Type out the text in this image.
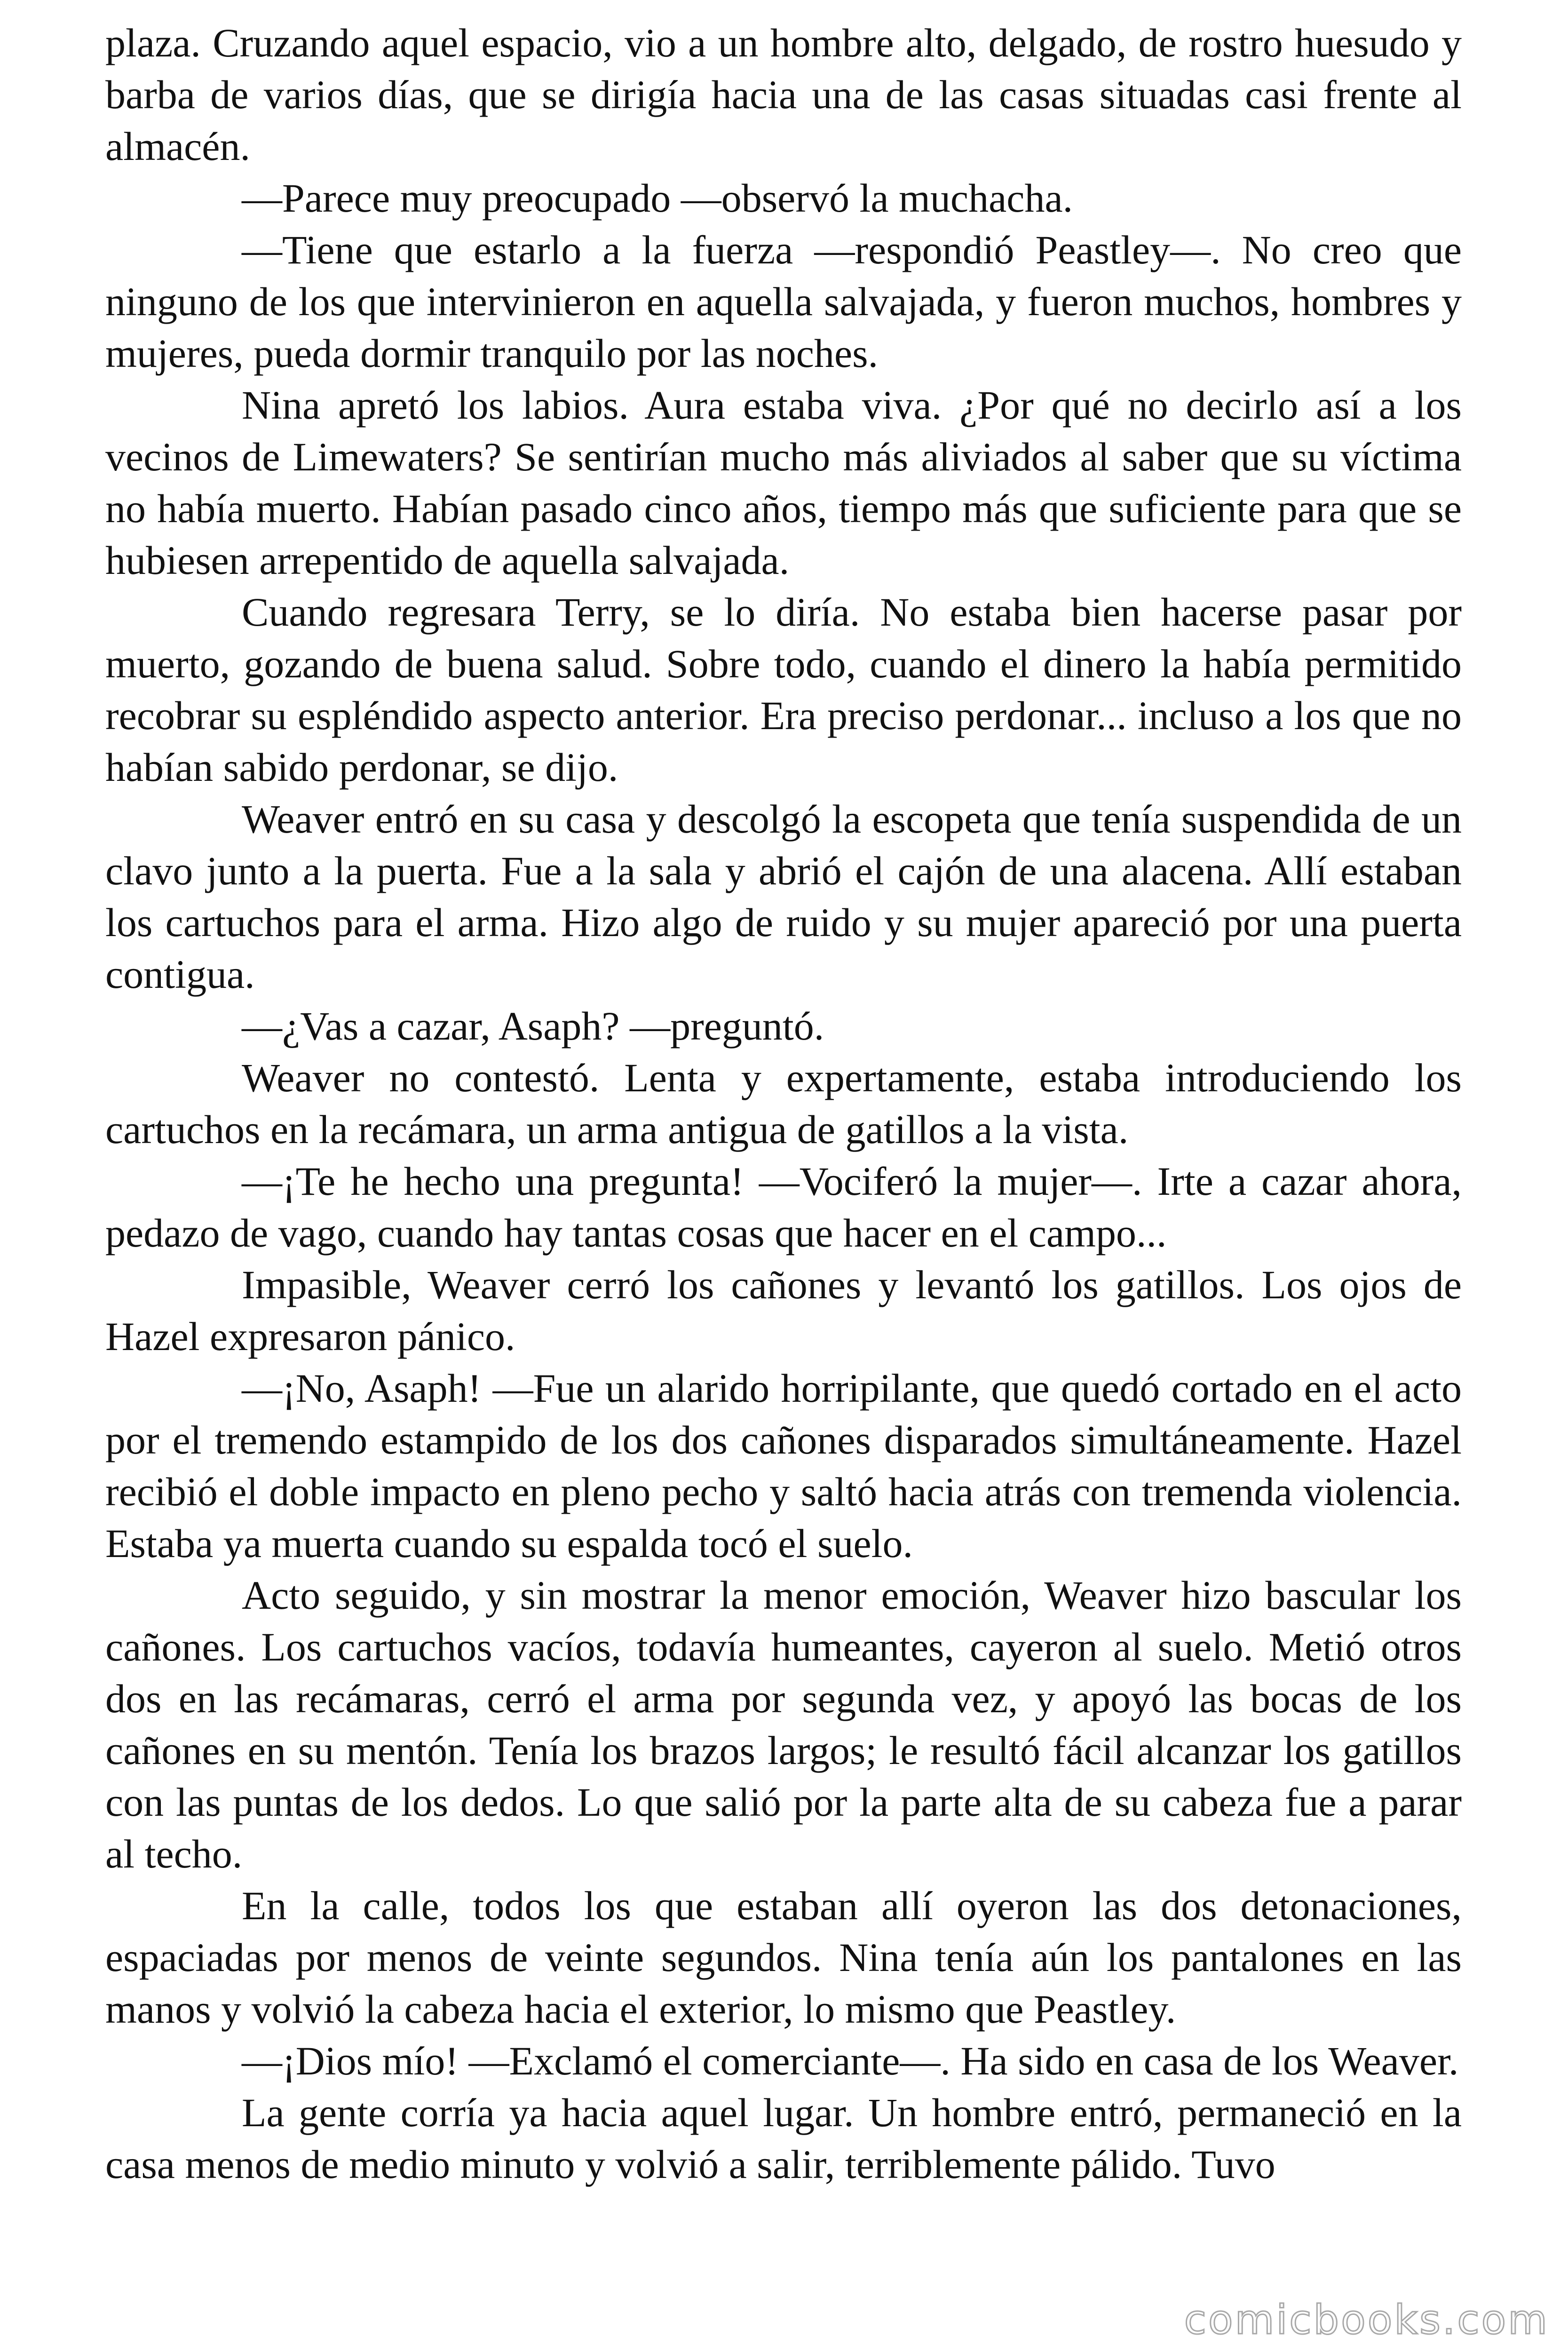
plaza. Cruzando aquel espacio, vio a un hombre alto, delgado, de rostro huesudo y barba de varios días, que se dirigía hacia una de las casas situadas casi frente al almacén.

—Parece muy preocupado —observó la muchacha.

—Tiene que estarlo a la fuerza —respondió Peastley—. No creo que ninguno de los que intervinieron en aquella salvajada, y fueron muchos, hombres y mujeres, pueda dormir tranquilo por las noches.

Nina apretó los labios. Aura estaba viva. ¿Por qué no decirlo así a los vecinos de Limewaters? Se sentirían mucho más aliviados al saber que su víctima no había muerto. Habían pasado cinco años, tiempo más que suficiente para que se hubiesen arrepentido de aquella salvajada.

Cuando regresara Terry, se lo diría. No estaba bien hacerse pasar por muerto, gozando de buena salud. Sobre todo, cuando el dinero la había permitido recobrar su espléndido aspecto anterior. Era preciso perdonar... incluso a los que no habían sabido perdonar, se dijo.

Weaver entró en su casa y descolgó la escopeta que tenía suspendida de un clavo junto a la puerta. Fue a la sala y abrió el cajón de una alacena. Allí estaban los cartuchos para el arma. Hizo algo de ruido y su mujer apareció por una puerta contigua.

—¿Vas a cazar, Asaph? —preguntó.

Weaver no contestó. Lenta y expertamente, estaba introduciendo los cartuchos en la recámara, un arma antigua de gatillos a la vista.

—¡Te he hecho una pregunta! —Vociferó la mujer—. Irte a cazar ahora, pedazo de vago, cuando hay tantas cosas que hacer en el campo...

Impasible, Weaver cerró los cañones y levantó los gatillos. Los ojos de Hazel expresaron pánico.

—¡No, Asaph! —Fue un alarido horripilante, que quedó cortado en el acto por el tremendo estampido de los dos cañones disparados simultáneamente. Hazel recibió el doble impacto en pleno pecho y saltó hacia atrás con tremenda violencia. Estaba ya muerta cuando su espalda tocó el suelo.

Acto seguido, y sin mostrar la menor emoción, Weaver hizo bascular los cañones. Los cartuchos vacíos, todavía humeantes, cayeron al suelo. Metió otros dos en las recámaras, cerró el arma por segunda vez, y apoyó las bocas de los cañones en su mentón. Tenía los brazos largos; le resultó fácil alcanzar los gatillos con las puntas de los dedos. Lo que salió por la parte alta de su cabeza fue a parar al techo.

En la calle, todos los que estaban allí oyeron las dos detonaciones, espaciadas por menos de veinte segundos. Nina tenía aún los pantalones en las manos y volvió la cabeza hacia el exterior, lo mismo que Peastley.

—¡Dios mío! —Exclamó el comerciante—. Ha sido en casa de los Weaver.

La gente corría ya hacia aquel lugar. Un hombre entró, permaneció en la casa menos de medio minuto y volvió a salir, terriblemente pálido. Tuvo

comicbooks.com
